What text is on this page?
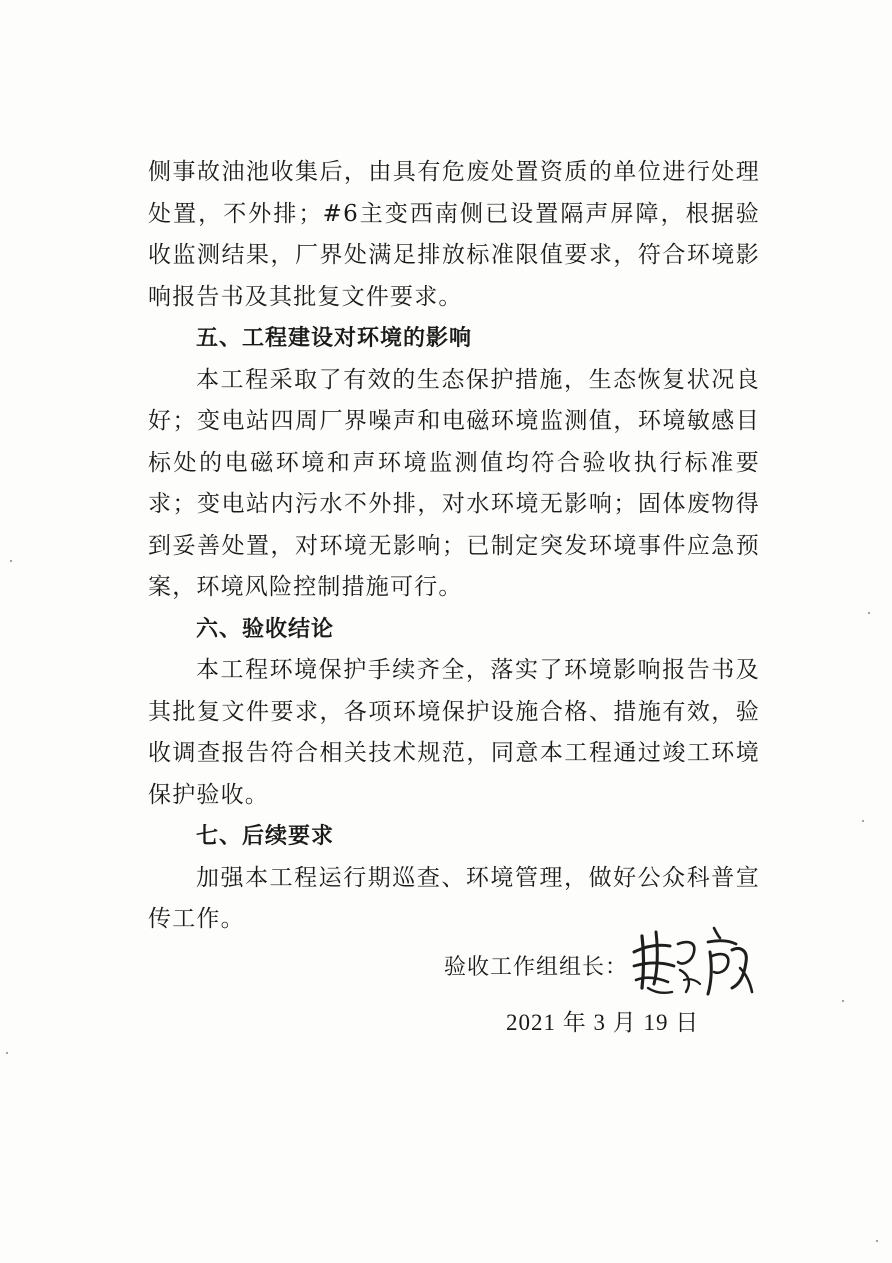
侧事故油池收集后，由具有危废处置资质的单位进行处理处置，不外排；#6主变西南侧已设置隔声屏障，根据验收监测结果，厂界处满足排放标准限值要求，符合环境影响报告书及其批复文件要求。

五、工程建设对环境的影响

本工程采取了有效的生态保护措施，生态恢复状况良好；变电站四周厂界噪声和电磁环境监测值，环境敏感目标处的电磁环境和声环境监测值均符合验收执行标准要求；变电站内污水不外排，对水环境无影响；固体废物得到妥善处置，对环境无影响；已制定突发环境事件应急预案，环境风险控制措施可行。

六、验收结论

本工程环境保护手续齐全，落实了环境影响报告书及其批复文件要求，各项环境保护设施合格、措施有效，验收调查报告符合相关技术规范，同意本工程通过竣工环境保护验收。

七、后续要求

加强本工程运行期巡查、环境管理，做好公众科普宣传工作。

验收工作组组长：
2021 年 3 月 19 日
